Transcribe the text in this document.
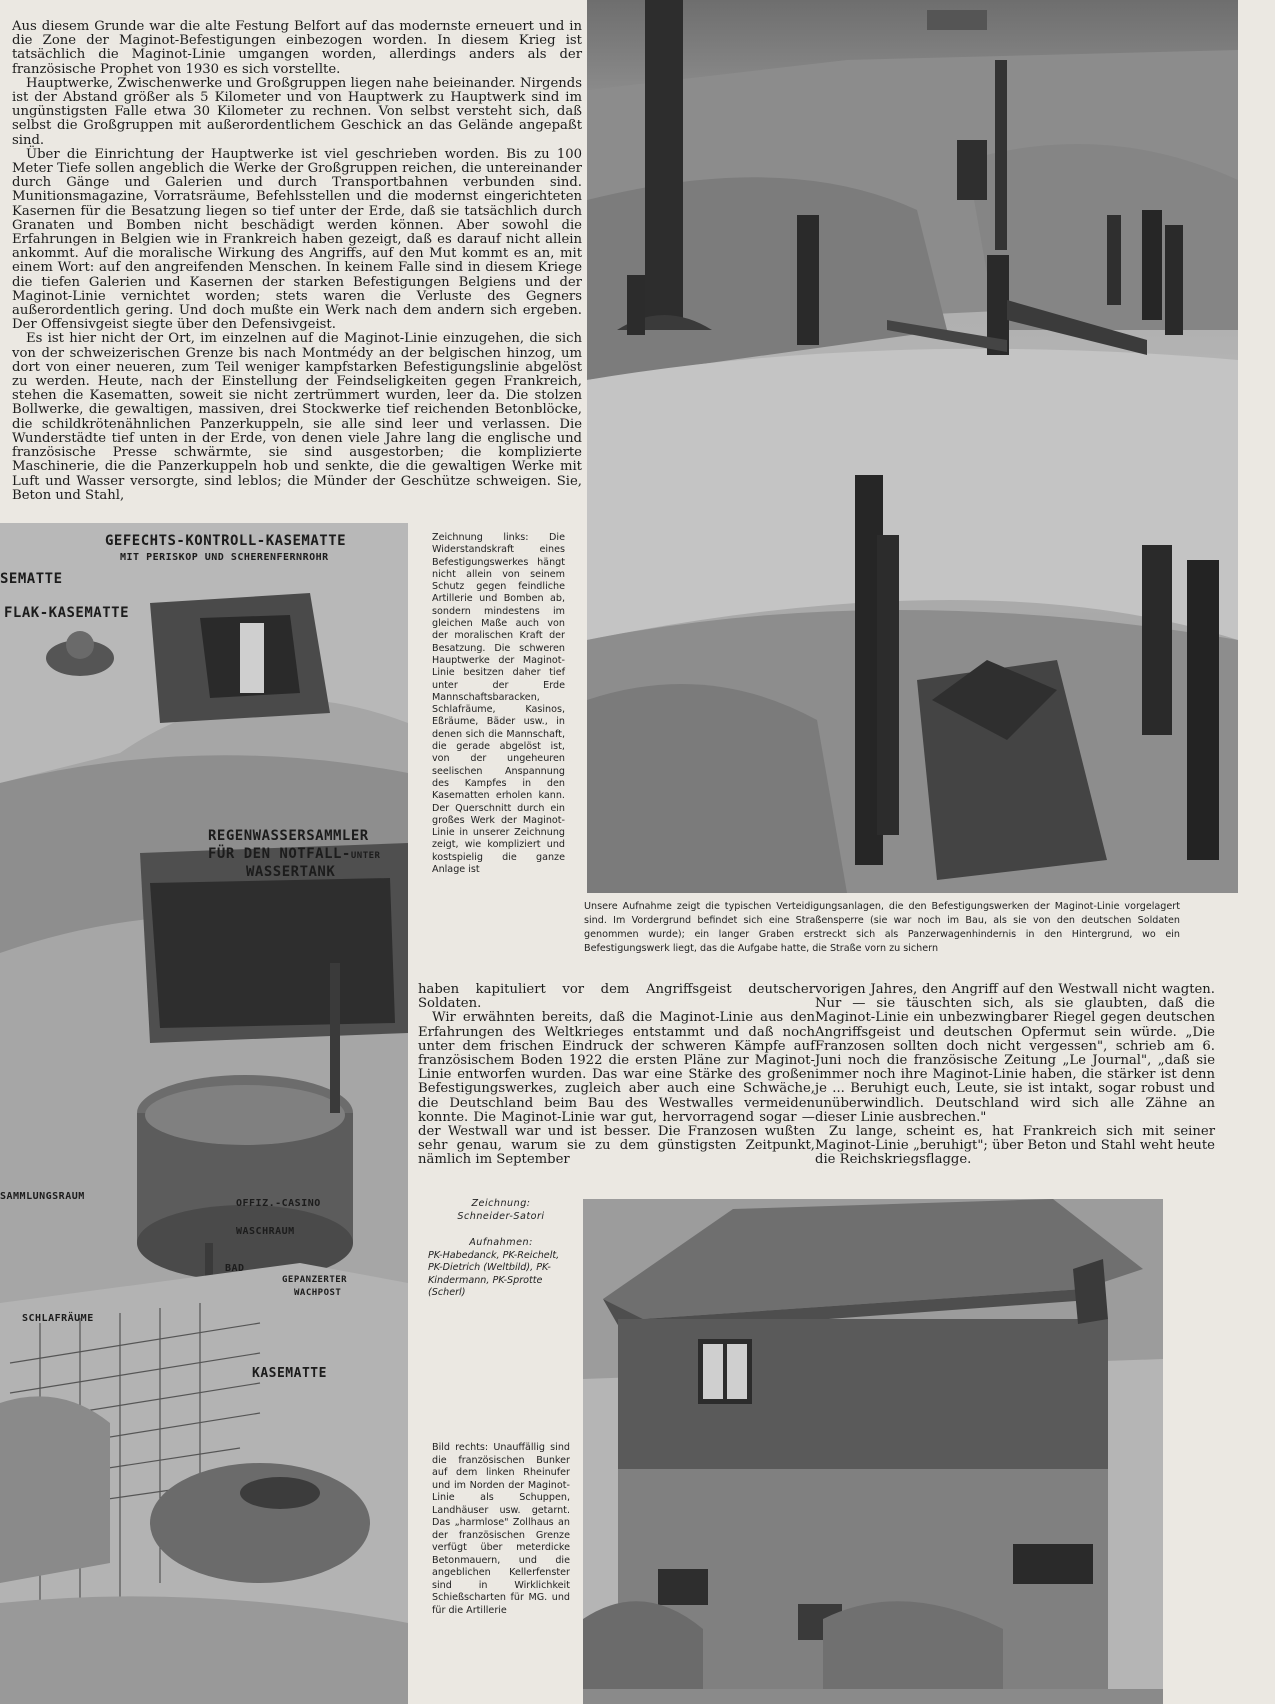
Aus diesem Grunde war die alte Festung Belfort auf das modernste erneuert und in die Zone der Maginot-Befestigungen einbezogen worden. In diesem Krieg ist tatsächlich die Maginot-Linie umgangen worden, allerdings anders als der französische Prophet von 1930 es sich vorstellte.

Hauptwerke, Zwischenwerke und Großgruppen liegen nahe beieinander. Nirgends ist der Abstand größer als 5 Kilometer und von Hauptwerk zu Hauptwerk sind im ungünstigsten Falle etwa 30 Kilometer zu rechnen. Von selbst versteht sich, daß selbst die Großgruppen mit außerordentlichem Geschick an das Gelände angepaßt sind.

Über die Einrichtung der Hauptwerke ist viel geschrieben worden. Bis zu 100 Meter Tiefe sollen angeblich die Werke der Großgruppen reichen, die untereinander durch Gänge und Galerien und durch Transportbahnen verbunden sind. Munitionsmagazine, Vorratsräume, Befehlsstellen und die modernst eingerichteten Kasernen für die Besatzung liegen so tief unter der Erde, daß sie tatsächlich durch Granaten und Bomben nicht beschädigt werden können. Aber sowohl die Erfahrungen in Belgien wie in Frankreich haben gezeigt, daß es darauf nicht allein ankommt. Auf die moralische Wirkung des Angriffs, auf den Mut kommt es an, mit einem Wort: auf den angreifenden Menschen. In keinem Falle sind in diesem Kriege die tiefen Galerien und Kasernen der starken Befestigungen Belgiens und der Maginot-Linie vernichtet worden; stets waren die Verluste des Gegners außerordentlich gering. Und doch mußte ein Werk nach dem andern sich ergeben. Der Offensivgeist siegte über den Defensivgeist.

Es ist hier nicht der Ort, im einzelnen auf die Maginot-Linie einzugehen, die sich von der schweizerischen Grenze bis nach Montmédy an der belgischen hinzog, um dort von einer neueren, zum Teil weniger kampfstarken Befestigungslinie abgelöst zu werden. Heute, nach der Einstellung der Feindseligkeiten gegen Frankreich, stehen die Kasematten, soweit sie nicht zertrümmert wurden, leer da. Die stolzen Bollwerke, die gewaltigen, massiven, drei Stockwerke tief reichenden Betonblöcke, die schildkrötenähnlichen Panzerkuppeln, sie alle sind leer und verlassen. Die Wunderstädte tief unten in der Erde, von denen viele Jahre lang die englische und französische Presse schwärmte, sie sind ausgestorben; die komplizierte Maschinerie, die die Panzerkuppeln hob und senkte, die die gewaltigen Werke mit Luft und Wasser versorgte, sind leblos; die Münder der Geschütze schweigen. Sie, Beton und Stahl,

Unsere Aufnahme zeigt die typischen Verteidigungsanlagen, die den Befestigungswerken der Maginot-Linie vorgelagert sind. Im Vordergrund befindet sich eine Straßensperre (sie war noch im Bau, als sie von den deutschen Soldaten genommen wurde); ein langer Graben erstreckt sich als Panzerwagenhindernis in den Hintergrund, wo ein Befestigungswerk liegt, das die Aufgabe hatte, die Straße vorn zu sichern
GEFECHTS-KONTROLL-KASEMATTE
MIT PERISKOP UND SCHERENFERNROHR
SEMATTE
FLAK-KASEMATTE
REGENWASSERSAMMLER
FÜR DEN NOTFALL-UNTER
WASSERTANK
SAMMLUNGSRAUM
OFFIZ.-CASINO
WASCHRAUM
BAD
GEPANZERTER
WACHPOST
SCHLAFRÄUME
KASEMATTE
Zeichnung links: Die Widerstandskraft eines Befestigungswerkes hängt nicht allein von seinem Schutz gegen feindliche Artillerie und Bomben ab, sondern mindestens im gleichen Maße auch von der moralischen Kraft der Besatzung. Die schweren Hauptwerke der Maginot-Linie besitzen daher tief unter der Erde Mannschaftsbaracken, Schlafräume, Kasinos, Eßräume, Bäder usw., in denen sich die Mannschaft, die gerade abgelöst ist, von der ungeheuren seelischen Anspannung des Kampfes in den Kasematten erholen kann. Der Querschnitt durch ein großes Werk der Maginot-Linie in unserer Zeichnung zeigt, wie kompliziert und kostspielig die ganze Anlage ist

haben kapituliert vor dem Angriffsgeist deutscher Soldaten.

Wir erwähnten bereits, daß die Maginot-Linie aus den Erfahrungen des Weltkrieges entstammt und daß noch unter dem frischen Eindruck der schweren Kämpfe auf französischem Boden 1922 die ersten Pläne zur Maginot-Linie entworfen wurden. Das war eine Stärke des großen Befestigungswerkes, zugleich aber auch eine Schwäche, die Deutschland beim Bau des Westwalles vermeiden konnte. Die Maginot-Linie war gut, hervorragend sogar — der Westwall war und ist besser. Die Franzosen wußten sehr genau, warum sie zu dem günstigsten Zeitpunkt, nämlich im September

vorigen Jahres, den Angriff auf den Westwall nicht wagten. Nur — sie täuschten sich, als sie glaubten, daß die Maginot-Linie ein unbezwingbarer Riegel gegen deutschen Angriffsgeist und deutschen Opfermut sein würde. „Die Franzosen sollten doch nicht vergessen", schrieb am 6. Juni noch die französische Zeitung „Le Journal", „daß sie immer noch ihre Maginot-Linie haben, die stärker ist denn je ... Beruhigt euch, Leute, sie ist intakt, sogar robust und unüberwindlich. Deutschland wird sich alle Zähne an dieser Linie ausbrechen."

Zu lange, scheint es, hat Frankreich sich mit seiner Maginot-Linie „beruhigt"; über Beton und Stahl weht heute die Reichskriegsflagge.

Zeichnung:
Schneider-Satori
Aufnahmen:
PK-Habedanck, PK-Reichelt, PK-Dietrich (Weltbild), PK-Kindermann, PK-Sprotte (Scherl)
Bild rechts: Unauffällig sind die französischen Bunker auf dem linken Rheinufer und im Norden der Maginot-Linie als Schuppen, Landhäuser usw. getarnt. Das „harmlose" Zollhaus an der französischen Grenze verfügt über meterdicke Betonmauern, und die angeblichen Kellerfenster sind in Wirklichkeit Schießscharten für MG. und für die Artillerie
